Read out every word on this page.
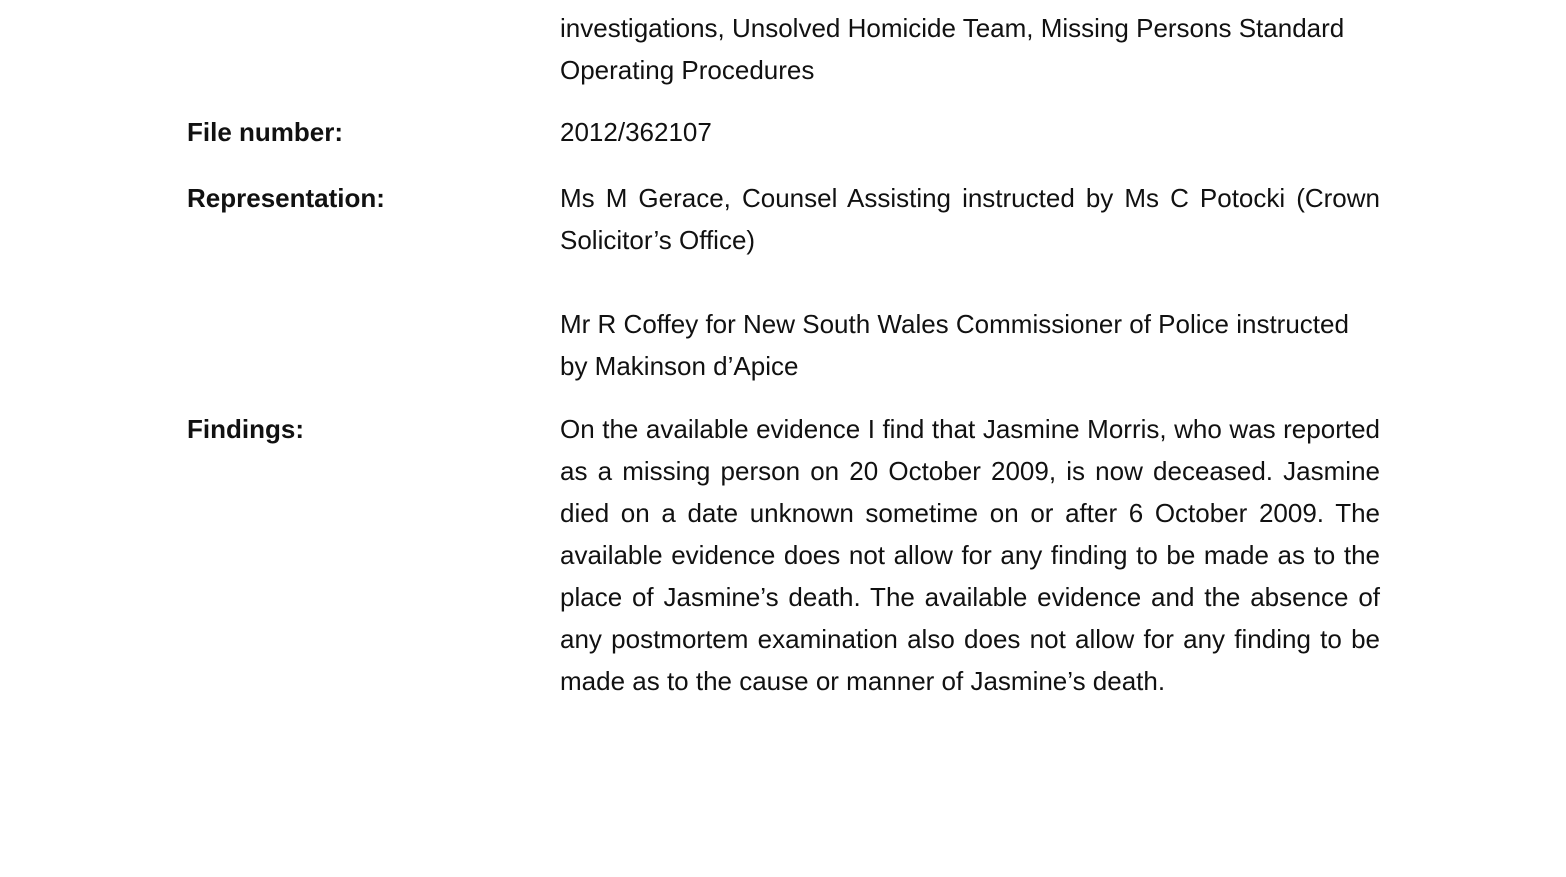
investigations, Unsolved Homicide Team, Missing Persons Standard
Operating Procedures
File number:	2012/362107
Representation:	Ms M Gerace, Counsel Assisting instructed by Ms C Potocki (Crown Solicitor’s Office)
Mr R Coffey for New South Wales Commissioner of Police instructed by Makinson d’Apice
Findings:	On the available evidence I find that Jasmine Morris, who was reported as a missing person on 20 October 2009, is now deceased. Jasmine died on a date unknown sometime on or after 6 October 2009. The available evidence does not allow for any finding to be made as to the place of Jasmine’s death. The available evidence and the absence of any postmortem examination also does not allow for any finding to be made as to the cause or manner of Jasmine’s death.
